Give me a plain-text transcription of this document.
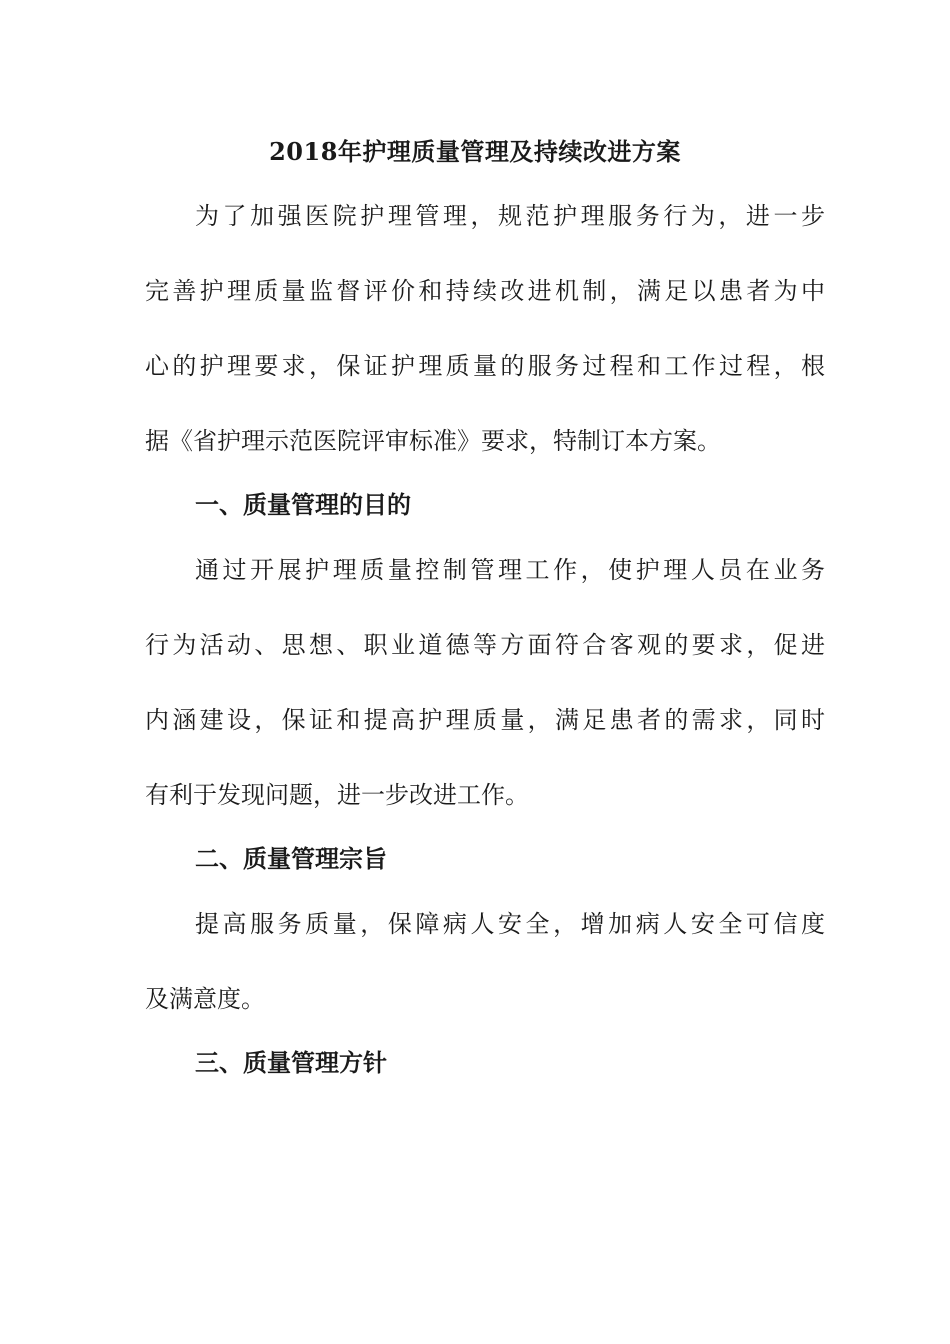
2018年护理质量管理及持续改进方案
为了加强医院护理管理，规范护理服务行为，进一步
完善护理质量监督评价和持续改进机制，满足以患者为中
心的护理要求，保证护理质量的服务过程和工作过程，根
据《省护理示范医院评审标准》要求，特制订本方案。
一、质量管理的目的
通过开展护理质量控制管理工作，使护理人员在业务
行为活动、思想、职业道德等方面符合客观的要求，促进
内涵建设，保证和提高护理质量，满足患者的需求，同时
有利于发现问题，进一步改进工作。
二、质量管理宗旨
提高服务质量，保障病人安全，增加病人安全可信度
及满意度。
三、质量管理方针
